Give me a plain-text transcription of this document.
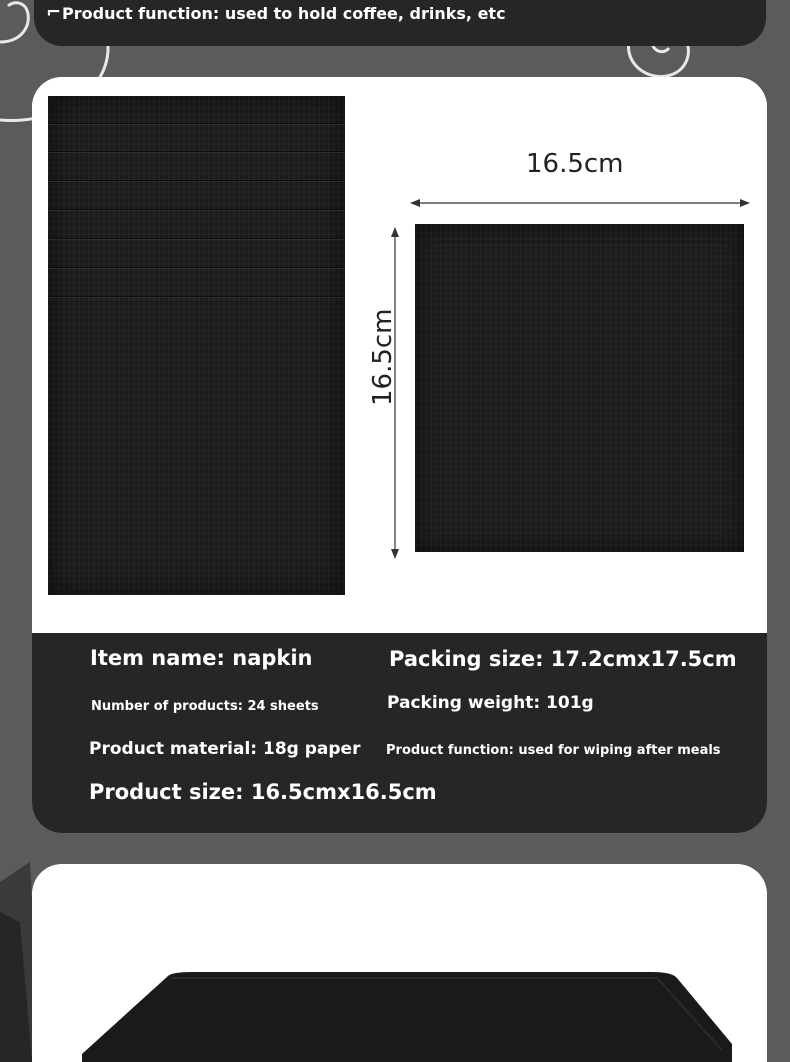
⌐ Product function: used to hold coffee, drinks, etc
16.5cm
16.5cm
Item name: napkin	Packing size: 17.2cmx17.5cm
Number of products: 24 sheets	Packing weight: 101g
Product material: 18g paper Product function: used for wiping after meals
Product size: 16.5cmx16.5cm
